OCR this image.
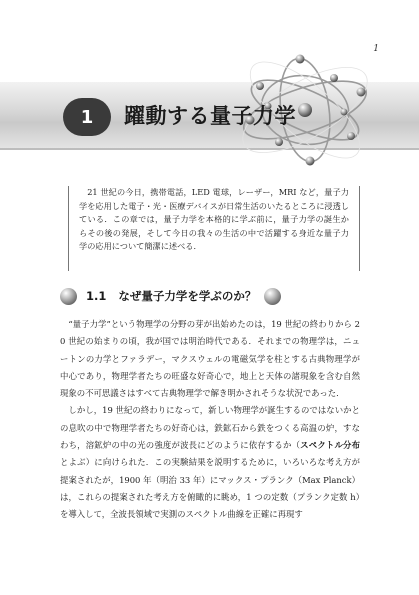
1
1	躍動する量子力学

21 世紀の今日，携帯電話，LED 電球，レーザー，MRI など，量子力学を応用した電子・光・医療デバイスが日常生活のいたるところに浸透している．この章では，量子力学を本格的に学ぶ前に，量子力学の誕生からその後の発展，そして今日の我々の生活の中で活躍する身近な量子力学の応用について簡潔に述べる．

1.1 なぜ量子力学を学ぶのか？

“量子力学”という物理学の分野の芽が出始めたのは，19 世紀の終わりから 20 世紀の始まりの頃，我が国では明治時代である．それまでの物理学は，ニュートンの力学とファラデー，マクスウェルの電磁気学を柱とする古典物理学が中心であり，物理学者たちの旺盛な好奇心で，地上と天体の諸現象を含む自然現象の不可思議さはすべて古典物理学で解き明かされそうな状況であった．

しかし，19 世紀の終わりになって，新しい物理学が誕生するのではないかとの息吹の中で物理学者たちの好奇心は，鉄鉱石から鉄をつくる高温の炉，すなわち，溶鉱炉の中の光の強度が波長にどのように依存するか（スペクトル分布とよぶ）に向けられた．この実験結果を説明するために，いろいろな考え方が提案されたが，1900 年（明治 33 年）にマックス・プランク（Max Planck）は，これらの提案された考え方を俯瞰的に眺め，1 つの定数（プランク定数 h）を導入して，全波長領域で実測のスペクトル曲線を正確に再現す
